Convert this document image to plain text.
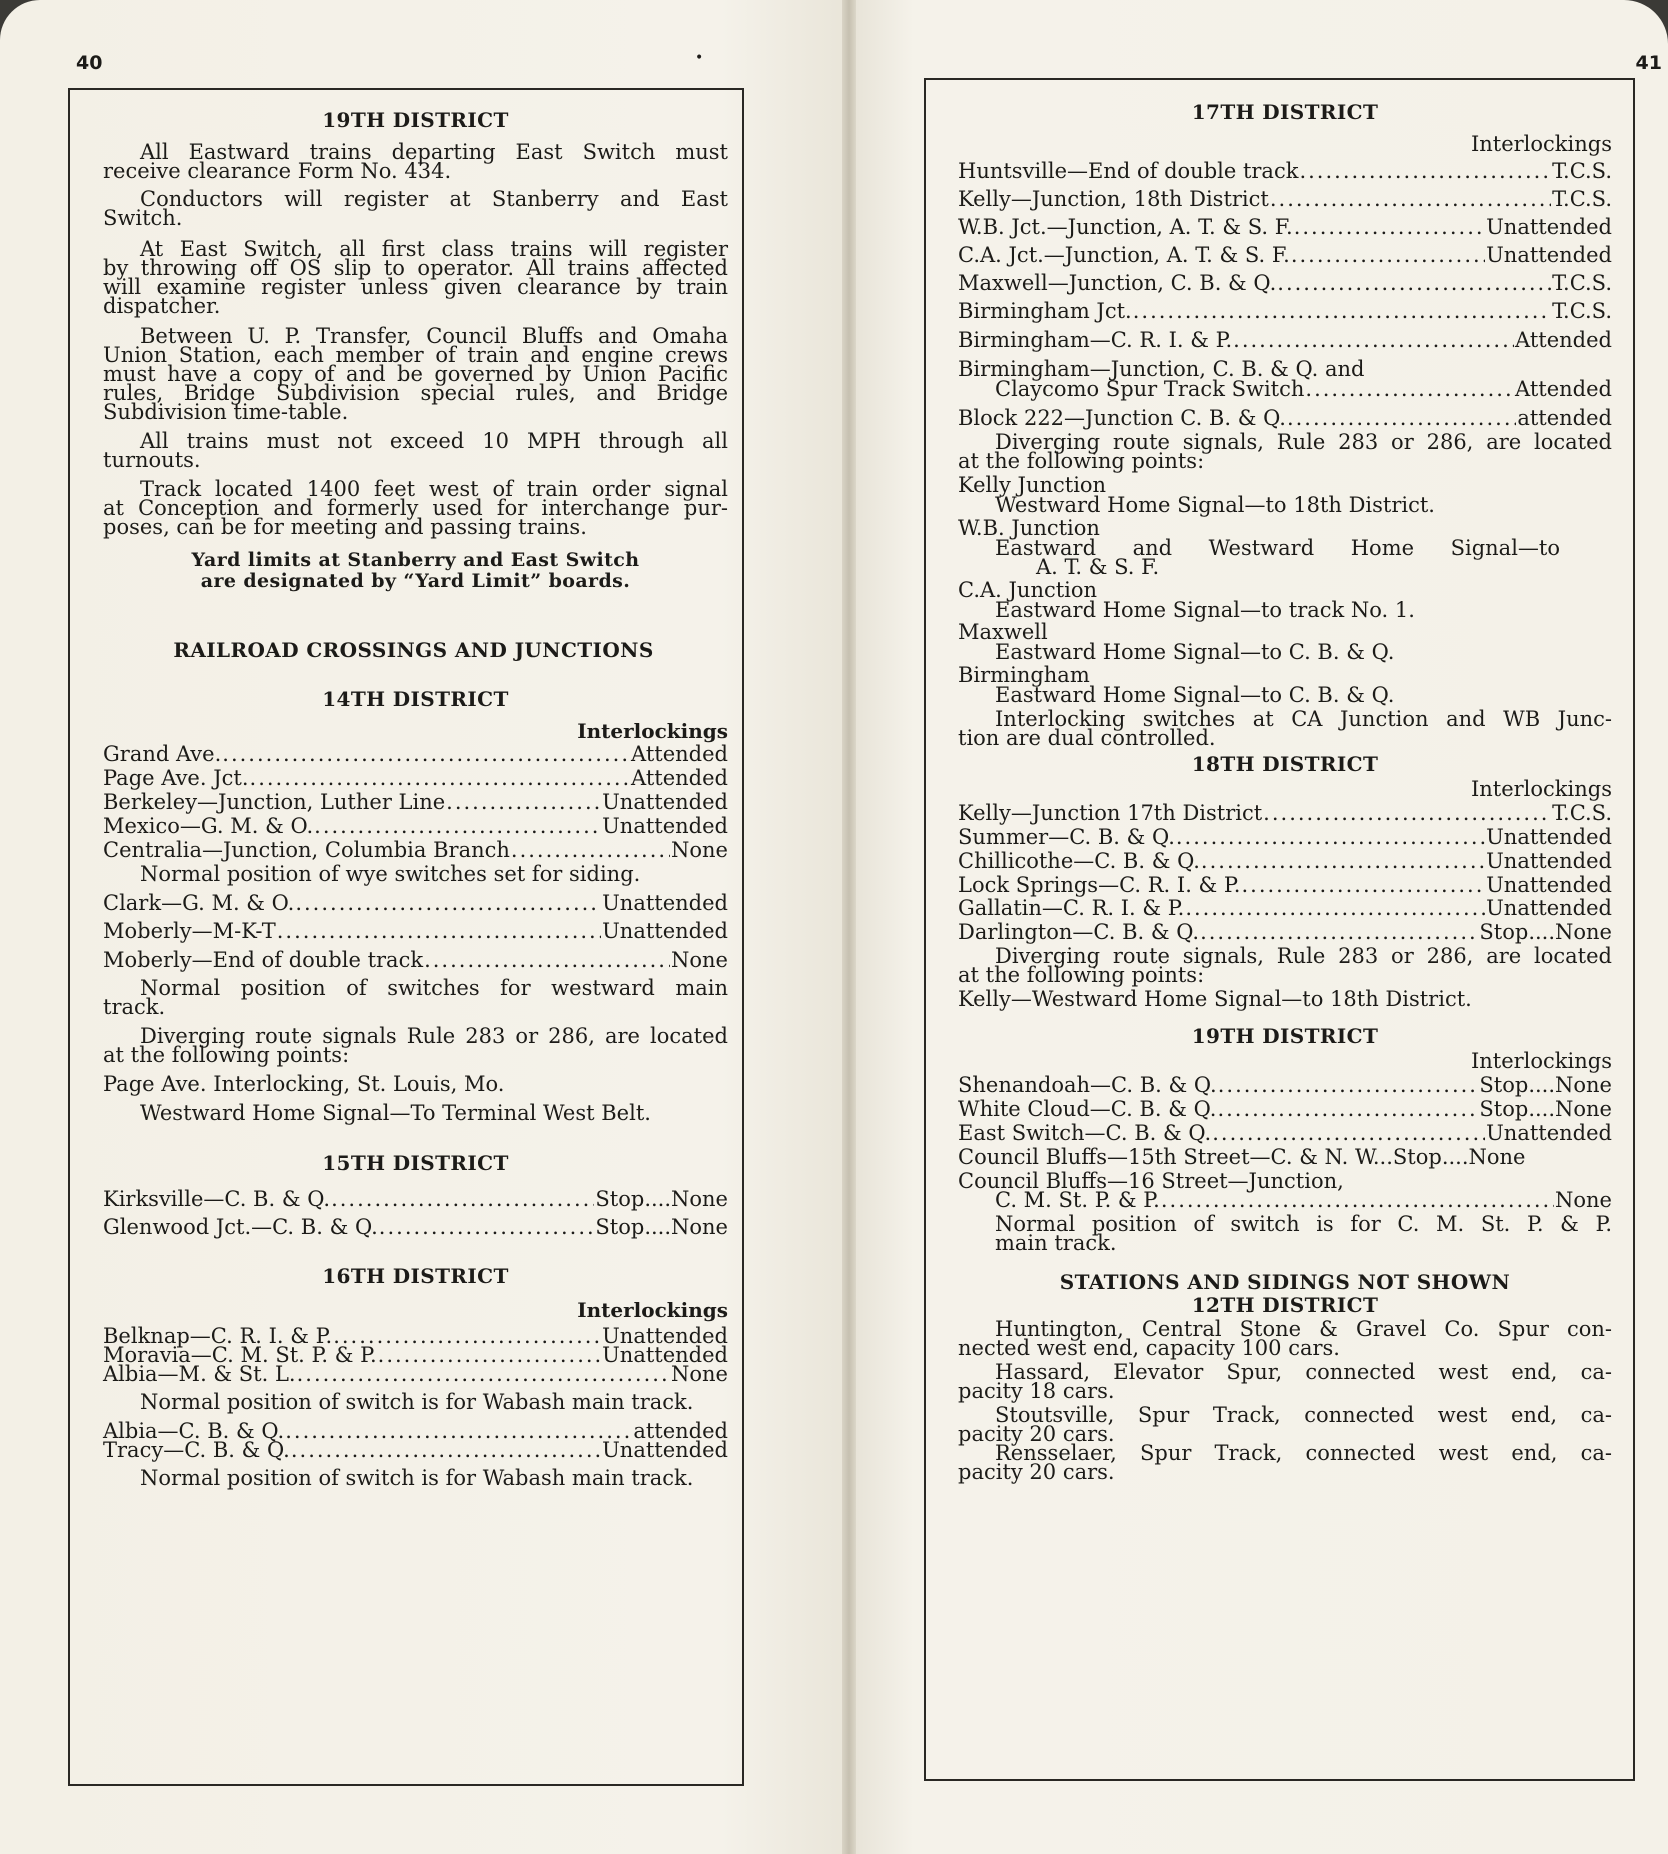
40	•	41
19TH DISTRICT
All Eastward trains departing East Switch must
receive clearance Form No. 434.
Conductors will register at Stanberry and East
Switch.
At East Switch, all first class trains will register
by throwing off OS slip to operator. All trains affected
will examine register unless given clearance by train
dispatcher.
Between U. P. Transfer, Council Bluffs and Omaha
Union Station, each member of train and engine crews
must have a copy of and be governed by Union Pacific
rules, Bridge Subdivision special rules, and Bridge
Subdivision time-table.
All trains must not exceed 10 MPH through all
turnouts.
Track located 1400 feet west of train order signal
at Conception and formerly used for interchange pur-
poses, can be for meeting and passing trains.
Yard limits at Stanberry and East Switch
are designated by “Yard Limit” boards.
RAILROAD CROSSINGS AND JUNCTIONS
14TH DISTRICT
Interlockings
Grand Ave. .....	Attended
Page Ave. Jct. .....	Attended
Berkeley—Junction, Luther Line .....	Unattended
Mexico—G. M. & O. .....	Unattended
Centralia—Junction, Columbia Branch .....	None
Normal position of wye switches set for siding.
Clark—G. M. & O. .....	Unattended
Moberly—M-K-T .....	Unattended
Moberly—End of double track .....	None
Normal position of switches for westward main
track.
Diverging route signals Rule 283 or 286, are located
at the following points:
Page Ave. Interlocking, St. Louis, Mo.
Westward Home Signal—To Terminal West Belt.
15TH DISTRICT
Kirksville—C. B. & Q. .....	Stop .... None
Glenwood Jct.—C. B. & Q. .....	Stop .... None
16TH DISTRICT
Interlockings
Belknap—C. R. I. & P. .....	Unattended
Moravia—C. M. St. P. & P. .....	Unattended
Albia—M. & St. L. .....	None
Normal position of switch is for Wabash main track.
Albia—C. B. & Q. .....	attended
Tracy—C. B. & Q. .....	Unattended
Normal position of switch is for Wabash main track.
17TH DISTRICT
Interlockings
Huntsville—End of double track .....	T.C.S.
Kelly—Junction, 18th District .....	T.C.S.
W.B. Jct.—Junction, A. T. & S. F. .....	Unattended
C.A. Jct.—Junction, A. T. & S. F. .....	Unattended
Maxwell—Junction, C. B. & Q. .....	T.C.S.
Birmingham Jct. .....	T.C.S.
Birmingham—C. R. I. & P. .....	Attended
Birmingham—Junction, C. B. & Q. and
Claycomo Spur Track Switch .....	Attended
Block 222—Junction C. B. & Q. .....	attended
Diverging route signals, Rule 283 or 286, are located
at the following points:
Kelly Junction
Westward Home Signal—to 18th District.
W.B. Junction
Eastward and Westward Home Signal—to
A. T. & S. F.
C.A. Junction
Eastward Home Signal—to track No. 1.
Maxwell
Eastward Home Signal—to C. B. & Q.
Birmingham
Eastward Home Signal—to C. B. & Q.
Interlocking switches at CA Junction and WB Junc-
tion are dual controlled.
18TH DISTRICT
Interlockings
Kelly—Junction 17th District .....	T.C.S.
Summer—C. B. & Q. .....	Unattended
Chillicothe—C. B. & Q. .....	Unattended
Lock Springs—C. R. I. & P. .....	Unattended
Gallatin—C. R. I. & P. .....	Unattended
Darlington—C. B. & Q. .....	Stop .... None
Diverging route signals, Rule 283 or 286, are located
at the following points:
Kelly—Westward Home Signal—to 18th District.
19TH DISTRICT
Interlockings
Shenandoah—C. B. & Q. .....	Stop .... None
White Cloud—C. B. & Q. .....	Stop .... None
East Switch—C. B. & Q. .....	Unattended
Council Bluffs—15th Street—C. & N. W. .. Stop .... None
Council Bluffs—16 Street—Junction,
C. M. St. P. & P. .....	None
Normal position of switch is for C. M. St. P. & P.
main track.
STATIONS AND SIDINGS NOT SHOWN
12TH DISTRICT
Huntington, Central Stone & Gravel Co. Spur con-
nected west end, capacity 100 cars.
Hassard, Elevator Spur, connected west end, ca-
pacity 18 cars.
Stoutsville, Spur Track, connected west end, ca-
pacity 20 cars.
Rensselaer, Spur Track, connected west end, ca-
pacity 20 cars.
